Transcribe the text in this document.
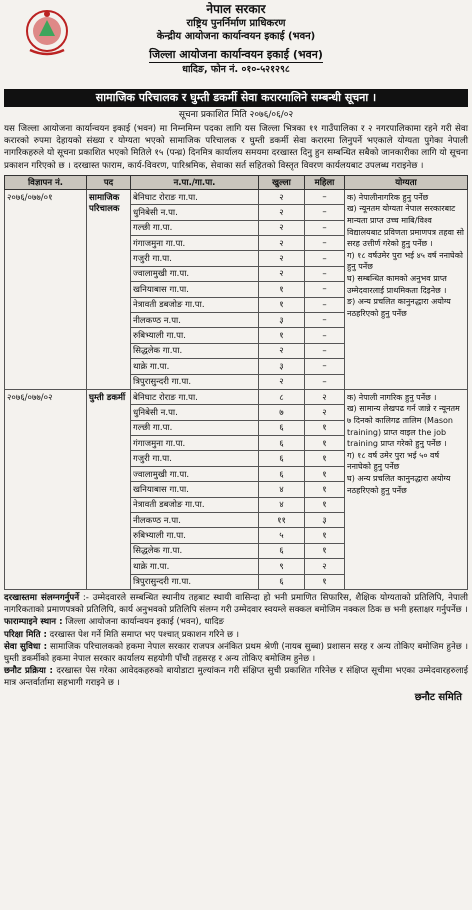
नेपाल सरकार
राष्ट्रिय पुनर्निर्माण प्राधिकरण
केन्द्रीय आयोजना कार्यान्वयन इकाई (भवन)
जिल्ला आयोजना कार्यान्वयन इकाई (भवन)
धादिङ, फोन नं. ०१०-५२१२९८
सामाजिक परिचालक र घुम्ती डकर्मी सेवा करारमालिने सम्बन्धी सूचना ।
सूचना प्रकाशित मिति २०७६/०६/०२
यस जिल्ला आयोजना कार्यान्वयन इकाई (भवन) मा निम्नमिम्न पदका लागि यस जिल्ला भित्रका ११ गाउँपालिका र २ नगरपालिकामा रहने गरी सेवा करारको रुपमा देहायको संख्या र योग्यता भएको सामाजिक परिचालक र घुम्ती डकर्मी सेवा करारमा लिनुपर्ने भएकाले योग्यता पुगेका नेपाली नागरिकहरुले यो सूचना प्रकाशित भएको मितिले १५ (पन्ध्र) दिनमित्र कार्यालय समयमा दरखास्त दिनु हुन सम्बन्धित सबैको जानकारीका लागि यो सूचना प्रकाशन गरिएको छ । दरखास्त फाराम, कार्य-विवरण, पारिश्रमिक, सेवाका सर्त सहितको विस्तृत विवरण कार्यलयबाट उपलब्ध गराइनेछ ।
विज्ञापन नं.	पद	न.पा./गा.पा.	खुल्ला	महिला	योग्यता
२०७६/०७७/०१	सामाजिक परिचालक	बेनिघाट रोराङ गा.पा.	२	–	क) नेपालीनागरिक हुनु पर्नेछ
ख) न्यूनतम योग्यता नेपाल सरकारबाट मान्यता प्राप्त उच्च माबि/विश्व विद्यालयबाट प्रविणता प्रमाणपत्र तहवा सो सरह उत्तीर्ण गरेको हुनु पर्नेछ ।
ग) १८ वर्षउमेर पुरा भई ४५ वर्ष ननाघेको हुनु पर्नेछ
घ) सम्बन्धित कामको अनुभव प्राप्त उम्मेदवारलाई प्राथमिकता दिइनेछ ।
ङ) अन्य प्रचलित कानुनद्धारा अयोग्य नठहरिएको हुनु पर्नेछ
		धुनिबेसी न.पा.	२	–	
		गल्छी गा.पा.	२	–	
		गंगाजमुना गा.पा.	२	–	
		गजुरी गा.पा.	२	–	
		ज्वालामुखी गा.पा.	२	–	
		खनियाबास गा.पा.	१	–	
		नेत्रावती डबजोङ गा.पा.	१	–	
		नीलकण्ठ न.पा.	३	–	
		रुबिभ्याली गा.पा.	१	–	
		सिद्धलेक गा.पा.	२	–	
		थाक्रे गा.पा.	३	–	
		त्रिपुरासुन्दरी गा.पा.	२	–	
२०७६/०७७/०२	घुम्ती डकर्मी	बेनिघाट रोराङ गा.पा.	८	२	क) नेपाली नागरिक हुनु पर्नेछ ।
ख) सामान्य लेखपढ गर्न जान्ने र न्यूनतम ७ दिनको कालिगढ तालिम (Mason training) प्राप्त वाइल the job training प्राप्त गरेको हुनु पर्नेछ ।
ग) १८ वर्ष उमेर पुरा भई ५० वर्ष ननाघेको हुनु पर्नेछ
घ) अन्य प्रचलित कानुनद्धारा अयोग्य नठहरिएको हुनु पर्नेछ
		धुनिबेसी न.पा.	७	२	
		गल्छी गा.पा.	६	१	
		गंगाजमुना गा.पा.	६	१	
		गजुरी गा.पा.	६	१	
		ज्वालामुखी गा.पा.	६	१	
		खनियाबास गा.पा.	४	१	
		नेत्रावती डबजोङ गा.पा.	४	१	
		नीलकण्ठ न.पा.	११	३	
		रुबिभ्याली गा.पा.	५	१	
		सिद्धलेक गा.पा.	६	१	
		थाक्रे गा.पा.	९	२	
		त्रिपुरासुन्दरी गा.पा.	६	१	
दरखास्तमा संलग्नगर्नुपर्ने :- उम्मेदवारले सम्बन्धित स्थानीय तहबाट स्थायी वासिन्दा हो भनी प्रमाणित सिफारिस, शैक्षिक योग्यताको प्रतिलिपि, नेपाली नागरिकताको प्रमाणपत्रको प्रतिलिपि, कार्य अनुभवको प्रतिलिपि संलग्न गरी उम्मेदवार स्वयम्ले सक्कल बमोजिम नक्कल ठिक छ भनी हस्ताक्षर गर्नुपर्नेछ ।
फाराम्पाइने स्थान : जिल्ला आयोजना कार्यान्वयन इकाई (भवन), धादिङ
परिक्षा मिति : दरखास्त पेश गर्ने मिति समाप्त भए पश्चात् प्रकाशन गरिने छ ।
सेवा सुविधा : सामाजिक परिचालकको हकमा नेपाल सरकार राजपत्र अनंकित प्रथम श्रेणी (नायब सुब्बा) प्रशासन सरह र अन्य तोकिए बमोजिम हुनेछ । घुम्ती डकर्मीको हकमा नेपाल सरकार कार्यालय सहयोगी पाँचौ तहसरह र अन्य तोकिए बमोजिम हुनेछ ।
छनौट प्रक्रिया : दरखास्त पेस गरेका आवेदकहरुको बायोडाटा मुल्यांकन गरी संक्षिप्त सुची प्रकाशित गरिनेछ र संक्षिप्त सूचीमा भएका उम्मेदवारहरुलाई मात्र अन्तर्वार्तामा सहभागी गराइने छ ।
छनौट समिति
